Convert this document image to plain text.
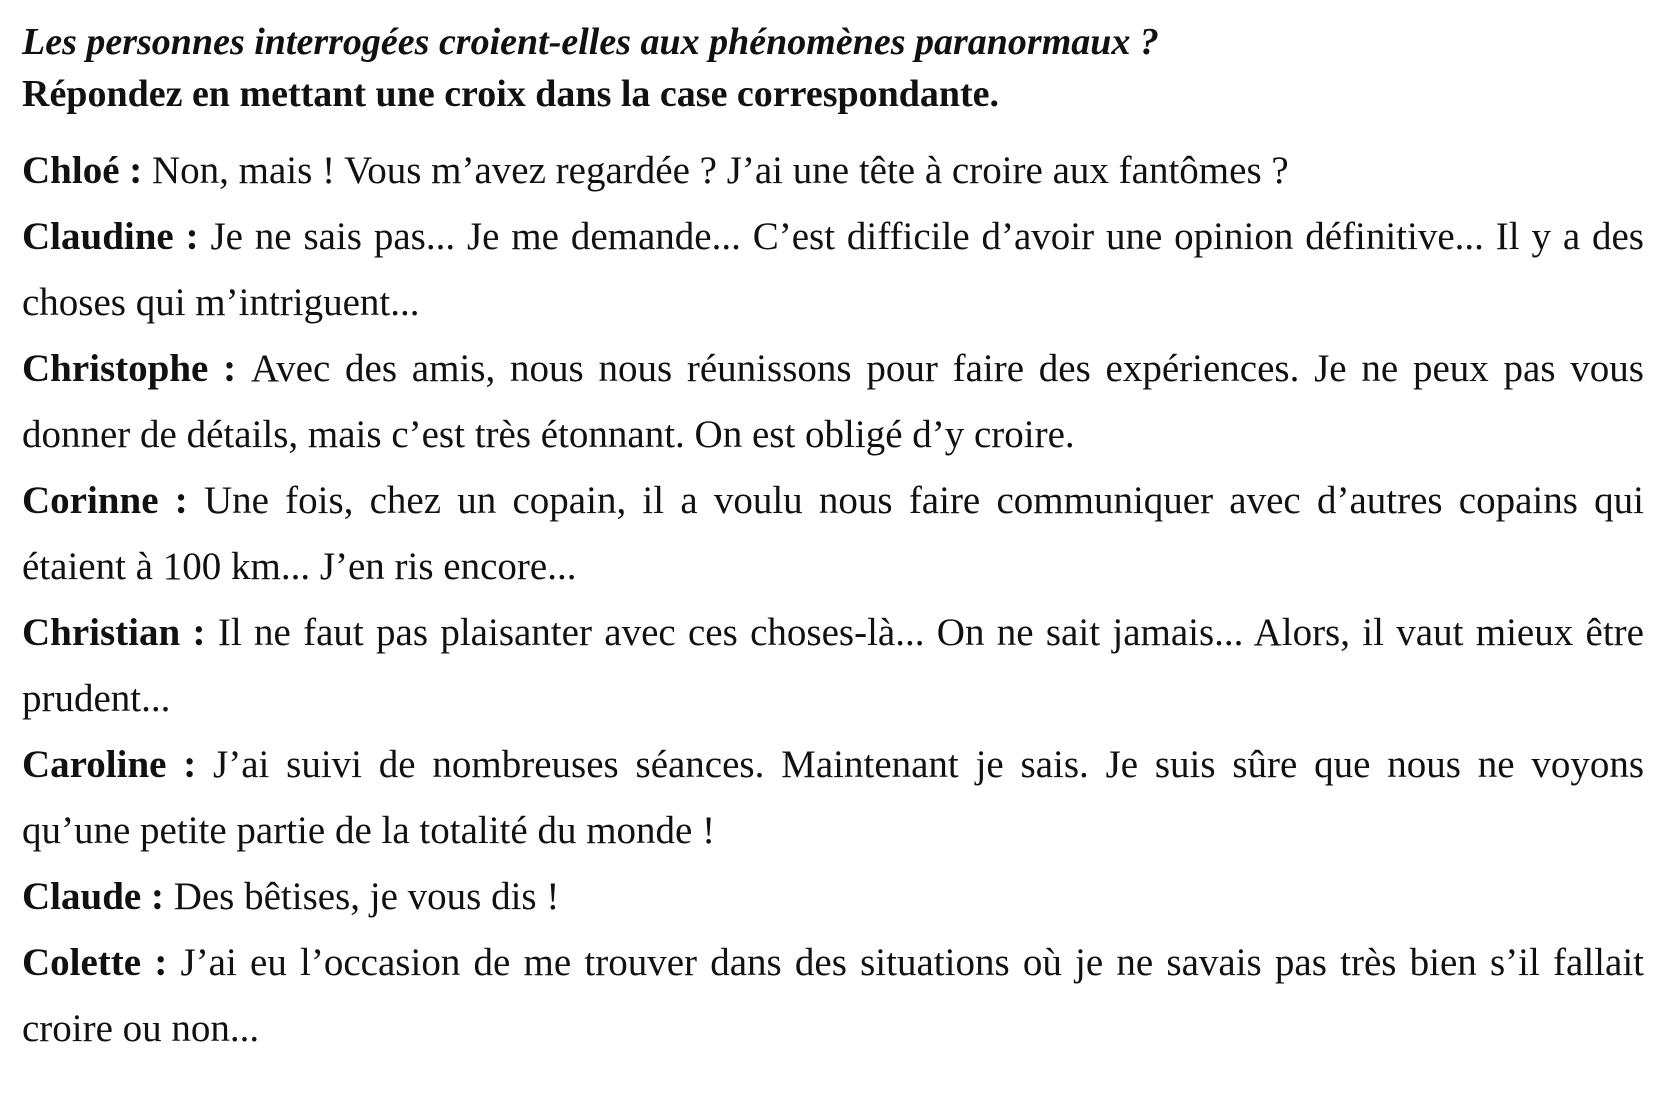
Les personnes interrogées croient-elles aux phénomènes paranormaux ?
Répondez en mettant une croix dans la case correspondante.

Chloé : Non, mais ! Vous m’avez regardée ? J’ai une tête à croire aux fantômes ?

Claudine : Je ne sais pas... Je me demande... C’est difficile d’avoir une opinion définitive... Il y a des choses qui m’intriguent...

Christophe : Avec des amis, nous nous réunissons pour faire des expériences. Je ne peux pas vous donner de détails, mais c’est très étonnant. On est obligé d’y croire.

Corinne : Une fois, chez un copain, il a voulu nous faire communiquer avec d’autres copains qui étaient à 100 km... J’en ris encore...

Christian : Il ne faut pas plaisanter avec ces choses-là... On ne sait jamais... Alors, il vaut mieux être prudent...

Caroline : J’ai suivi de nombreuses séances. Maintenant je sais. Je suis sûre que nous ne voyons qu’une petite partie de la totalité du monde !

Claude : Des bêtises, je vous dis !

Colette : J’ai eu l’occasion de me trouver dans des situations où je ne savais pas très bien s’il fallait croire ou non...
